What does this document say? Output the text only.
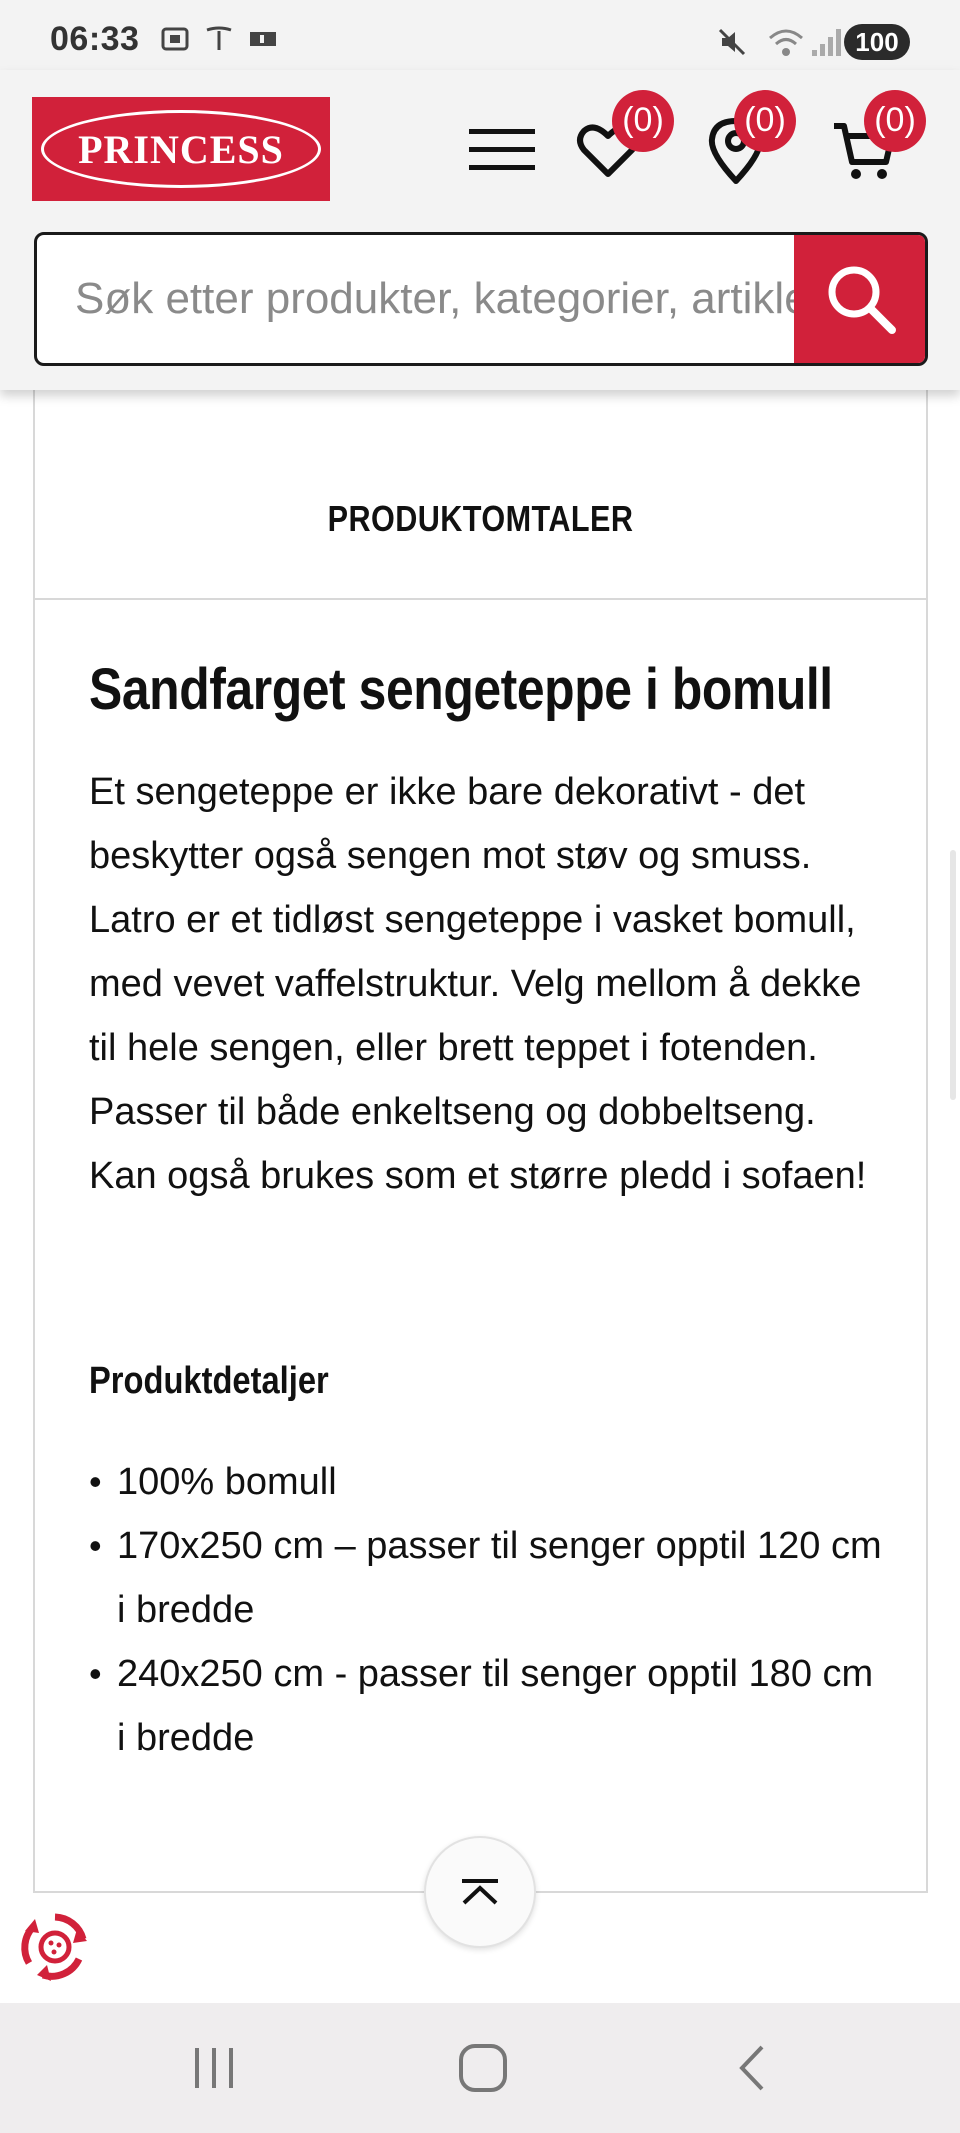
06:33	100
PRINCESS
(0)	(0)	(0)
Søk etter produkter, kategorier, artikler
PRODUKTOMTALER
Sandfarget sengeteppe i bomull

Et sengeteppe er ikke bare dekorativt - det beskytter også sengen mot støv og smuss. Latro er et tidløst sengeteppe i vasket bomull, med vevet vaffelstruktur. Velg mellom å dekke til hele sengen, eller brett teppet i fotenden. Passer til både enkeltseng og dobbeltseng. Kan også brukes som et større pledd i sofaen!

Produktdetaljer
• 100% bomull
• 170x250 cm – passer til senger opptil 120 cm i bredde
• 240x250 cm - passer til senger opptil 180 cm i bredde
